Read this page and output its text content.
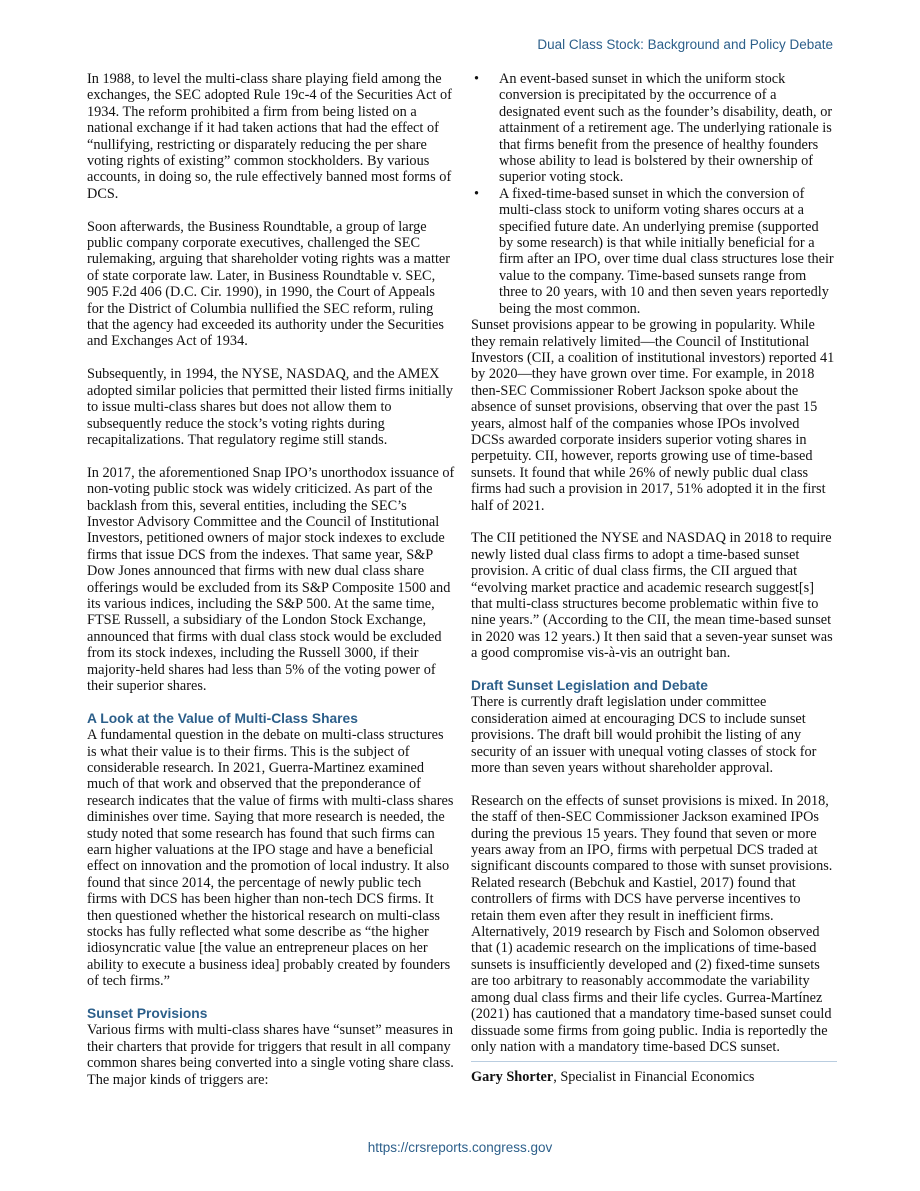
Dual Class Stock: Background and Policy Debate

In 1988, to level the multi-class share playing field among the exchanges, the SEC adopted Rule 19c-4 of the Securities Act of 1934. The reform prohibited a firm from being listed on a national exchange if it had taken actions that had the effect of “nullifying, restricting or disparately reducing the per share voting rights of existing” common stockholders. By various accounts, in doing so, the rule effectively banned most forms of DCS.

Soon afterwards, the Business Roundtable, a group of large public company corporate executives, challenged the SEC rulemaking, arguing that shareholder voting rights was a matter of state corporate law. Later, in Business Roundtable v. SEC, 905 F.2d 406 (D.C. Cir. 1990), in 1990, the Court of Appeals for the District of Columbia nullified the SEC reform, ruling that the agency had exceeded its authority under the Securities and Exchanges Act of 1934.

Subsequently, in 1994, the NYSE, NASDAQ, and the AMEX adopted similar policies that permitted their listed firms initially to issue multi-class shares but does not allow them to subsequently reduce the stock’s voting rights during recapitalizations. That regulatory regime still stands.

In 2017, the aforementioned Snap IPO’s unorthodox issuance of non-voting public stock was widely criticized. As part of the backlash from this, several entities, including the SEC’s Investor Advisory Committee and the Council of Institutional Investors, petitioned owners of major stock indexes to exclude firms that issue DCS from the indexes. That same year, S&P Dow Jones announced that firms with new dual class share offerings would be excluded from its S&P Composite 1500 and its various indices, including the S&P 500. At the same time, FTSE Russell, a subsidiary of the London Stock Exchange, announced that firms with dual class stock would be excluded from its stock indexes, including the Russell 3000, if their majority-held shares had less than 5% of the voting power of their superior shares.

A Look at the Value of Multi-Class Shares

A fundamental question in the debate on multi-class structures is what their value is to their firms. This is the subject of considerable research. In 2021, Guerra-Martinez examined much of that work and observed that the preponderance of research indicates that the value of firms with multi-class shares diminishes over time. Saying that more research is needed, the study noted that some research has found that such firms can earn higher valuations at the IPO stage and have a beneficial effect on innovation and the promotion of local industry. It also found that since 2014, the percentage of newly public tech firms with DCS has been higher than non-tech DCS firms. It then questioned whether the historical research on multi-class stocks has fully reflected what some describe as “the higher idiosyncratic value [the value an entrepreneur places on her ability to execute a business idea] probably created by founders of tech firms.”

Sunset Provisions

Various firms with multi-class shares have “sunset” measures in their charters that provide for triggers that result in all company common shares being converted into a single voting share class. The major kinds of triggers are:

• An event-based sunset in which the uniform stock conversion is precipitated by the occurrence of a designated event such as the founder’s disability, death, or attainment of a retirement age. The underlying rationale is that firms benefit from the presence of healthy founders whose ability to lead is bolstered by their ownership of superior voting stock.
• A fixed-time-based sunset in which the conversion of multi-class stock to uniform voting shares occurs at a specified future date. An underlying premise (supported by some research) is that while initially beneficial for a firm after an IPO, over time dual class structures lose their value to the company. Time-based sunsets range from three to 20 years, with 10 and then seven years reportedly being the most common.

Sunset provisions appear to be growing in popularity. While they remain relatively limited—the Council of Institutional Investors (CII, a coalition of institutional investors) reported 41 by 2020—they have grown over time. For example, in 2018 then-SEC Commissioner Robert Jackson spoke about the absence of sunset provisions, observing that over the past 15 years, almost half of the companies whose IPOs involved DCSs awarded corporate insiders superior voting shares in perpetuity. CII, however, reports growing use of time-based sunsets. It found that while 26% of newly public dual class firms had such a provision in 2017, 51% adopted it in the first half of 2021.

The CII petitioned the NYSE and NASDAQ in 2018 to require newly listed dual class firms to adopt a time-based sunset provision. A critic of dual class firms, the CII argued that “evolving market practice and academic research suggest[s] that multi-class structures become problematic within five to nine years.” (According to the CII, the mean time-based sunset in 2020 was 12 years.) It then said that a seven-year sunset was a good compromise vis-à-vis an outright ban.

Draft Sunset Legislation and Debate

There is currently draft legislation under committee consideration aimed at encouraging DCS to include sunset provisions. The draft bill would prohibit the listing of any security of an issuer with unequal voting classes of stock for more than seven years without shareholder approval.

Research on the effects of sunset provisions is mixed. In 2018, the staff of then-SEC Commissioner Jackson examined IPOs during the previous 15 years. They found that seven or more years away from an IPO, firms with perpetual DCS traded at significant discounts compared to those with sunset provisions. Related research (Bebchuk and Kastiel, 2017) found that controllers of firms with DCS have perverse incentives to retain them even after they result in inefficient firms. Alternatively, 2019 research by Fisch and Solomon observed that (1) academic research on the implications of time-based sunsets is insufficiently developed and (2) fixed-time sunsets are too arbitrary to reasonably accommodate the variability among dual class firms and their life cycles. Gurrea-Martínez (2021) has cautioned that a mandatory time-based sunset could dissuade some firms from going public. India is reportedly the only nation with a mandatory time-based DCS sunset.

Gary Shorter, Specialist in Financial Economics
https://crsreports.congress.gov
